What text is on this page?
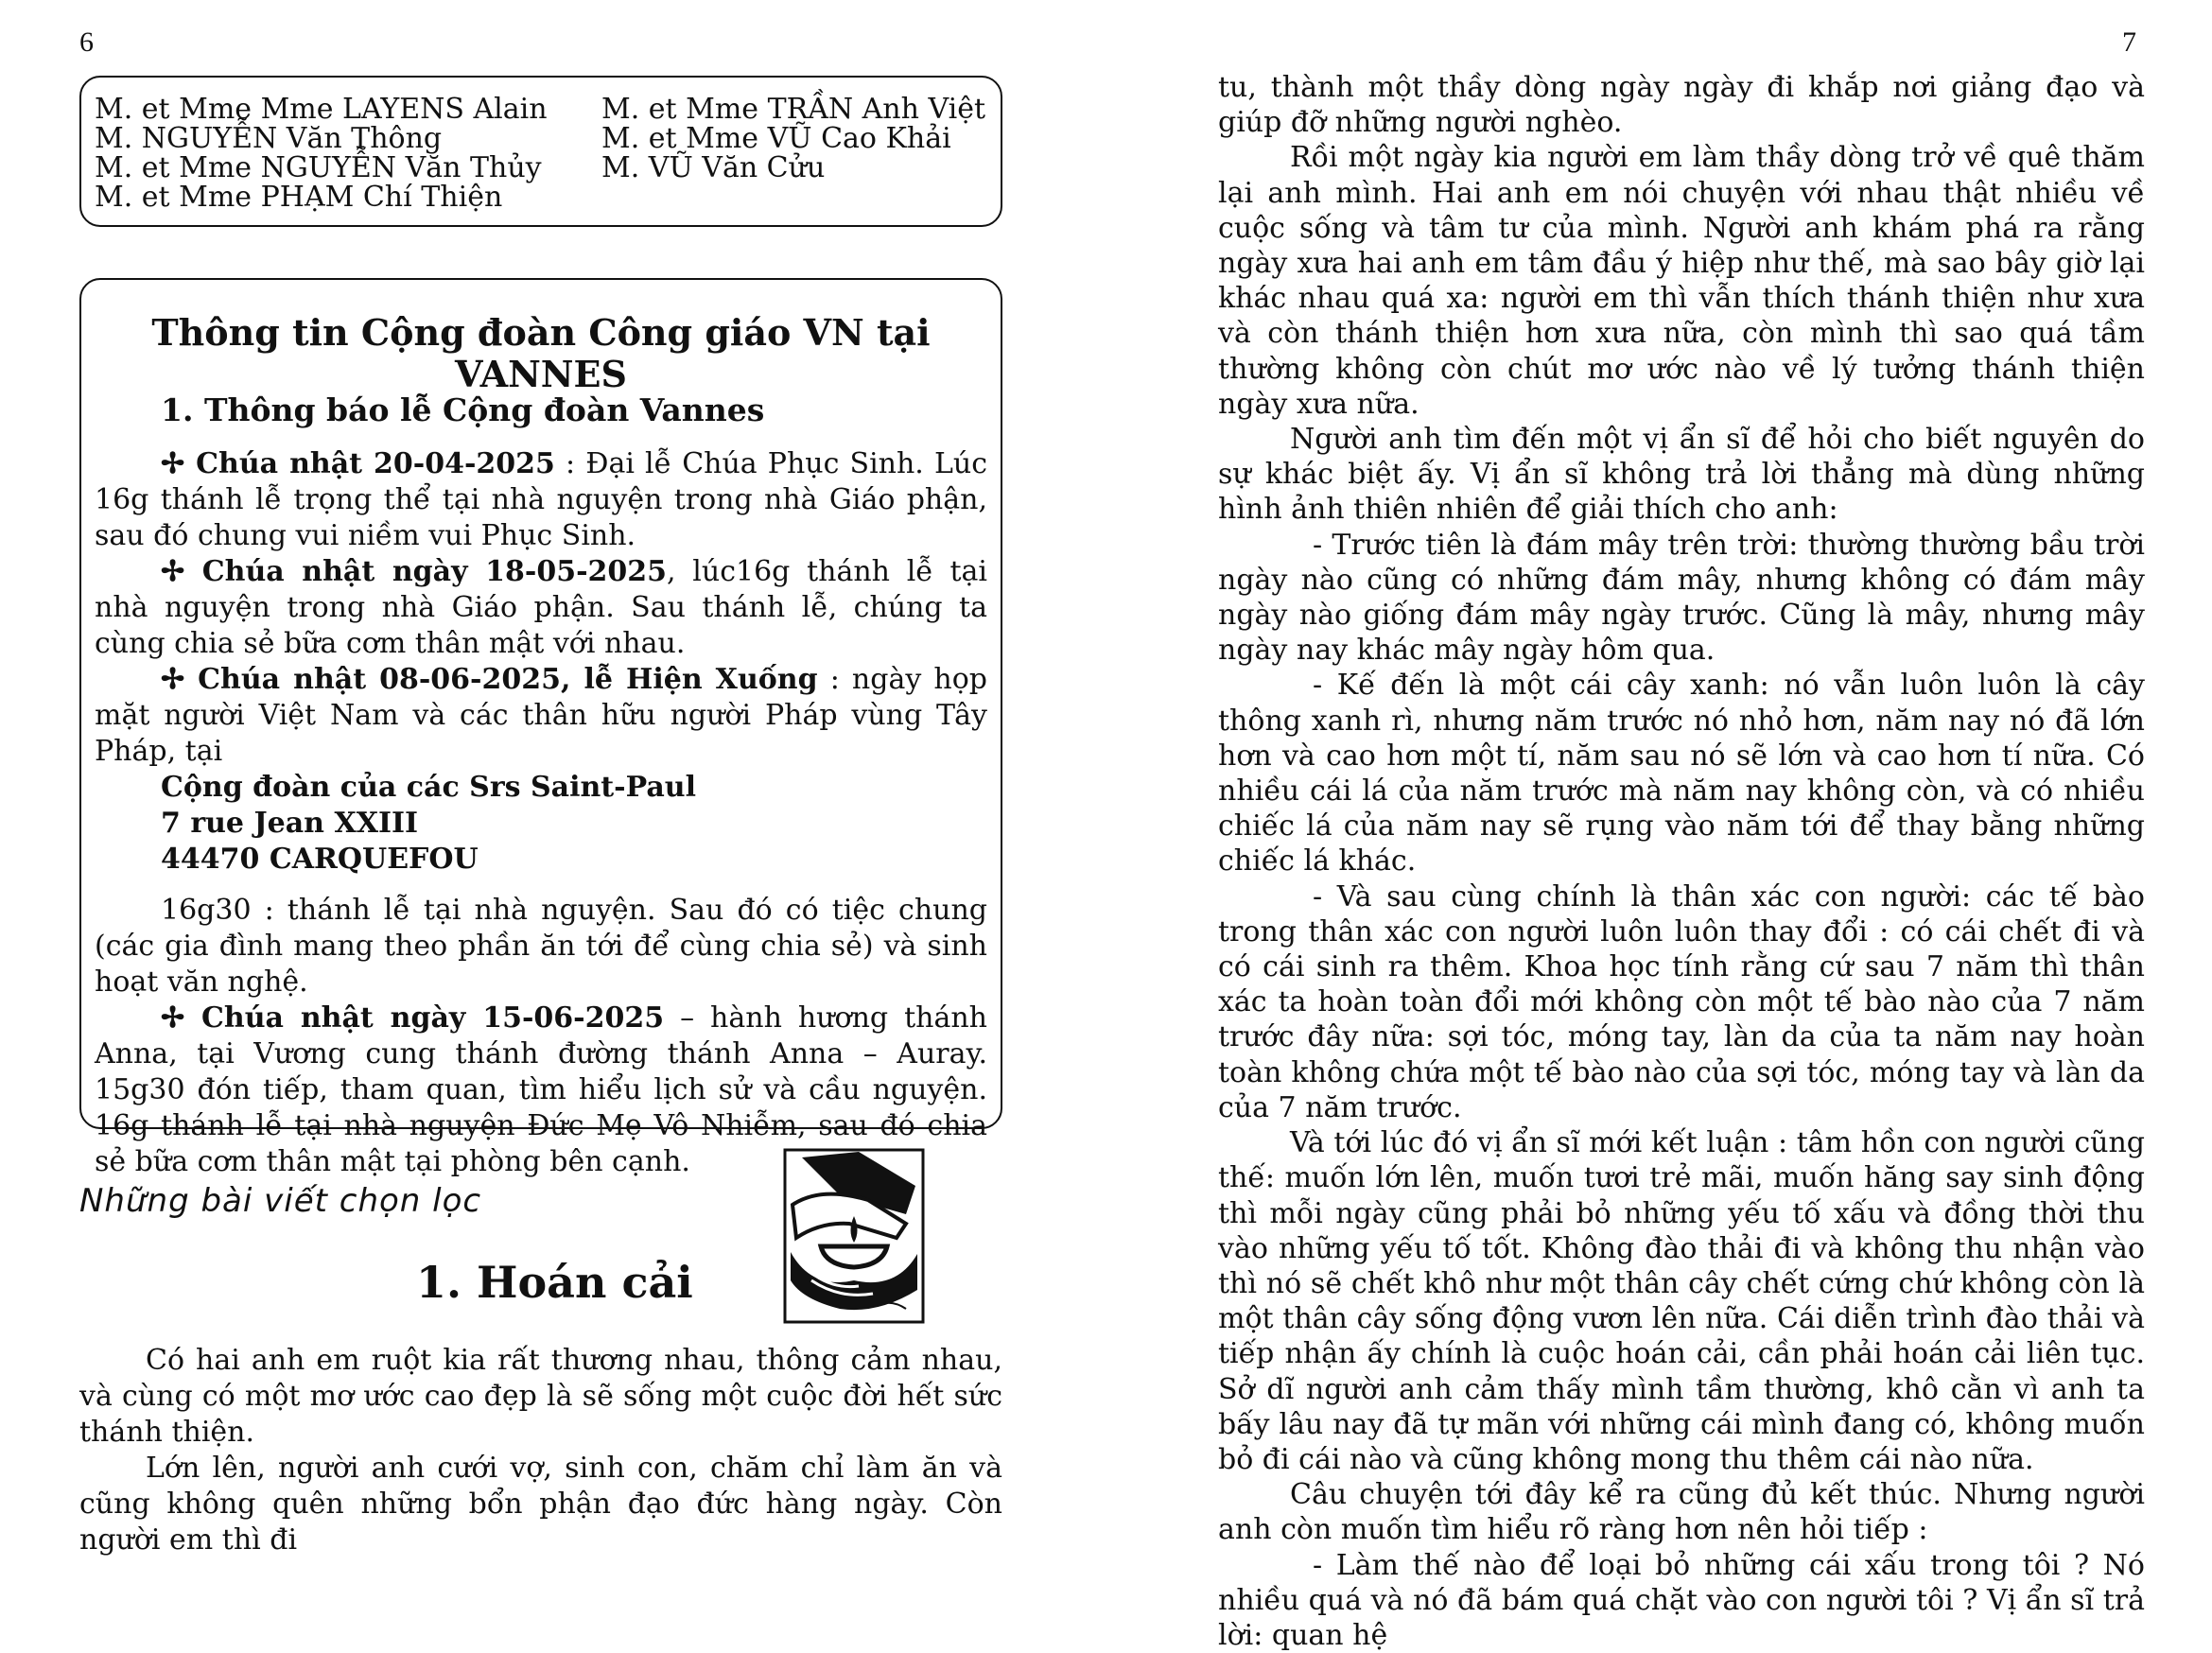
6	7
M. et Mme Mme LAYENS Alain
M. NGUYỄN Văn Thông
M. et Mme NGUYỄN Văn Thủy
M. et Mme PHẠM Chí Thiện
M. et Mme TRẦN Anh Việt
M. et Mme VŨ Cao Khải
M. VŨ Văn Cửu
Thông tin Cộng đoàn Công giáo VN tại VANNES
1. Thông báo lễ Cộng đoàn Vannes

✢ Chúa nhật 20-04-2025 : Đại lễ Chúa Phục Sinh. Lúc 16g thánh lễ trọng thể tại nhà nguyện trong nhà Giáo phận, sau đó chung vui niềm vui Phục Sinh.

✢ Chúa nhật ngày 18-05-2025, lúc16g thánh lễ tại nhà nguyện trong nhà Giáo phận. Sau thánh lễ, chúng ta cùng chia sẻ bữa cơm thân mật với nhau.

✢ Chúa nhật 08-06-2025, lễ Hiện Xuống : ngày họp mặt người Việt Nam và các thân hữu người Pháp vùng Tây Pháp, tại

Cộng đoàn của các Srs Saint-Paul
7 rue Jean XXIII
44470 CARQUEFOU

16g30 : thánh lễ tại nhà nguyện. Sau đó có tiệc chung (các gia đình mang theo phần ăn tới để cùng chia sẻ) và sinh hoạt văn nghệ.

✢ Chúa nhật ngày 15-06-2025 – hành hương thánh Anna, tại Vương cung thánh đường thánh Anna – Auray. 15g30 đón tiếp, tham quan, tìm hiểu lịch sử và cầu nguyện. 16g thánh lễ tại nhà nguyện Đức Mẹ Vô Nhiễm, sau đó chia sẻ bữa cơm thân mật tại phòng bên cạnh.

Những bài viết chọn lọc
1. Hoán cải

Có hai anh em ruột kia rất thương nhau, thông cảm nhau, và cùng có một mơ ước cao đẹp là sẽ sống một cuộc đời hết sức thánh thiện.

Lớn lên, người anh cưới vợ, sinh con, chăm chỉ làm ăn và cũng không quên những bổn phận đạo đức hàng ngày. Còn người em thì đi

tu, thành một thầy dòng ngày ngày đi khắp nơi giảng đạo và giúp đỡ những người nghèo.

Rồi một ngày kia người em làm thầy dòng trở về quê thăm lại anh mình. Hai anh em nói chuyện với nhau thật nhiều về cuộc sống và tâm tư của mình. Người anh khám phá ra rằng ngày xưa hai anh em tâm đầu ý hiệp như thế, mà sao bây giờ lại khác nhau quá xa: người em thì vẫn thích thánh thiện như xưa và còn thánh thiện hơn xưa nữa, còn mình thì sao quá tầm thường không còn chút mơ ước nào về lý tưởng thánh thiện ngày xưa nữa.

Người anh tìm đến một vị ẩn sĩ để hỏi cho biết nguyên do sự khác biệt ấy. Vị ẩn sĩ không trả lời thẳng mà dùng những hình ảnh thiên nhiên để giải thích cho anh:

- Trước tiên là đám mây trên trời: thường thường bầu trời ngày nào cũng có những đám mây, nhưng không có đám mây ngày nào giống đám mây ngày trước. Cũng là mây, nhưng mây ngày nay khác mây ngày hôm qua.

- Kế đến là một cái cây xanh: nó vẫn luôn luôn là cây thông xanh rì, nhưng năm trước nó nhỏ hơn, năm nay nó đã lớn hơn và cao hơn một tí, năm sau nó sẽ lớn và cao hơn tí nữa. Có nhiều cái lá của năm trước mà năm nay không còn, và có nhiều chiếc lá của năm nay sẽ rụng vào năm tới để thay bằng những chiếc lá khác.

- Và sau cùng chính là thân xác con người: các tế bào trong thân xác con người luôn luôn thay đổi : có cái chết đi và có cái sinh ra thêm. Khoa học tính rằng cứ sau 7 năm thì thân xác ta hoàn toàn đổi mới không còn một tế bào nào của 7 năm trước đây nữa: sợi tóc, móng tay, làn da của ta năm nay hoàn toàn không chứa một tế bào nào của sợi tóc, móng tay và làn da của 7 năm trước.

Và tới lúc đó vị ẩn sĩ mới kết luận : tâm hồn con người cũng thế: muốn lớn lên, muốn tươi trẻ mãi, muốn hăng say sinh động thì mỗi ngày cũng phải bỏ những yếu tố xấu và đồng thời thu vào những yếu tố tốt. Không đào thải đi và không thu nhận vào thì nó sẽ chết khô như một thân cây chết cứng chứ không còn là một thân cây sống động vươn lên nữa. Cái diễn trình đào thải và tiếp nhận ấy chính là cuộc hoán cải, cần phải hoán cải liên tục. Sở dĩ người anh cảm thấy mình tầm thường, khô cằn vì anh ta bấy lâu nay đã tự mãn với những cái mình đang có, không muốn bỏ đi cái nào và cũng không mong thu thêm cái nào nữa.

Câu chuyện tới đây kể ra cũng đủ kết thúc. Nhưng người anh còn muốn tìm hiểu rõ ràng hơn nên hỏi tiếp :

- Làm thế nào để loại bỏ những cái xấu trong tôi ? Nó nhiều quá và nó đã bám quá chặt vào con người tôi ? Vị ẩn sĩ trả lời: quan hệ
